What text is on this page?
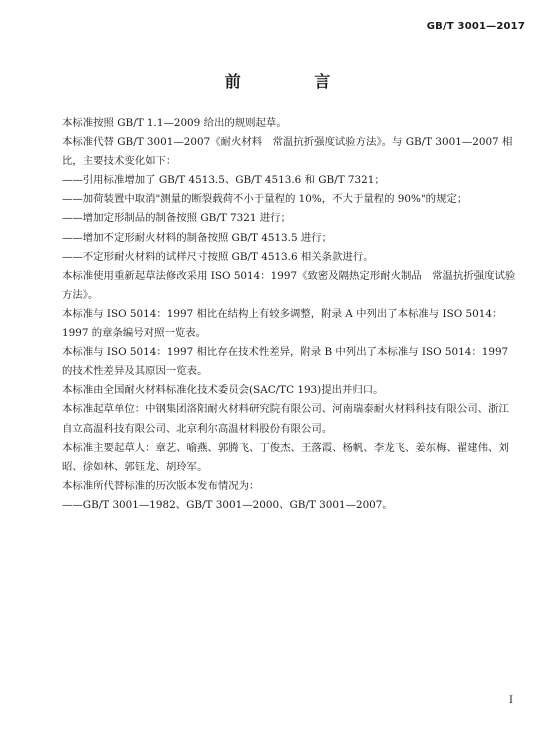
GB/T 3001—2017
前 言

本标准按照 GB/T 1.1—2009 给出的规则起草。

本标准代替 GB/T 3001—2007《耐火材料　常温抗折强度试验方法》。与 GB/T 3001—2007 相比，主要技术变化如下：

——引用标准增加了 GB/T 4513.5、GB/T 4513.6 和 GB/T 7321；

——加荷装置中取消"测量的断裂载荷不小于量程的 10%，不大于量程的 90%"的规定；

——增加定形制品的制备按照 GB/T 7321 进行；

——增加不定形耐火材料的制备按照 GB/T 4513.5 进行；

——不定形耐火材料的试样尺寸按照 GB/T 4513.6 相关条款进行。

本标准使用重新起草法修改采用 ISO 5014：1997《致密及隔热定形耐火制品　常温抗折强度试验方法》。

本标准与 ISO 5014：1997 相比在结构上有较多调整，附录 A 中列出了本标准与 ISO 5014：1997 的章条编号对照一览表。

本标准与 ISO 5014：1997 相比存在技术性差异，附录 B 中列出了本标准与 ISO 5014：1997 的技术性差异及其原因一览表。

本标准由全国耐火材料标准化技术委员会(SAC/TC 193)提出并归口。

本标准起草单位：中钢集团洛阳耐火材料研究院有限公司、河南瑞泰耐火材料科技有限公司、浙江自立高温科技有限公司、北京利尔高温材料股份有限公司。

本标准主要起草人：章艺、喻燕、郭腾飞、丁俊杰、王落霞、杨帆、李龙飞、姜东梅、翟建伟、刘昭、徐如林、郭钰龙、胡玲军。

本标准所代替标准的历次版本发布情况为：

——GB/T 3001—1982、GB/T 3001—2000、GB/T 3001—2007。

I
